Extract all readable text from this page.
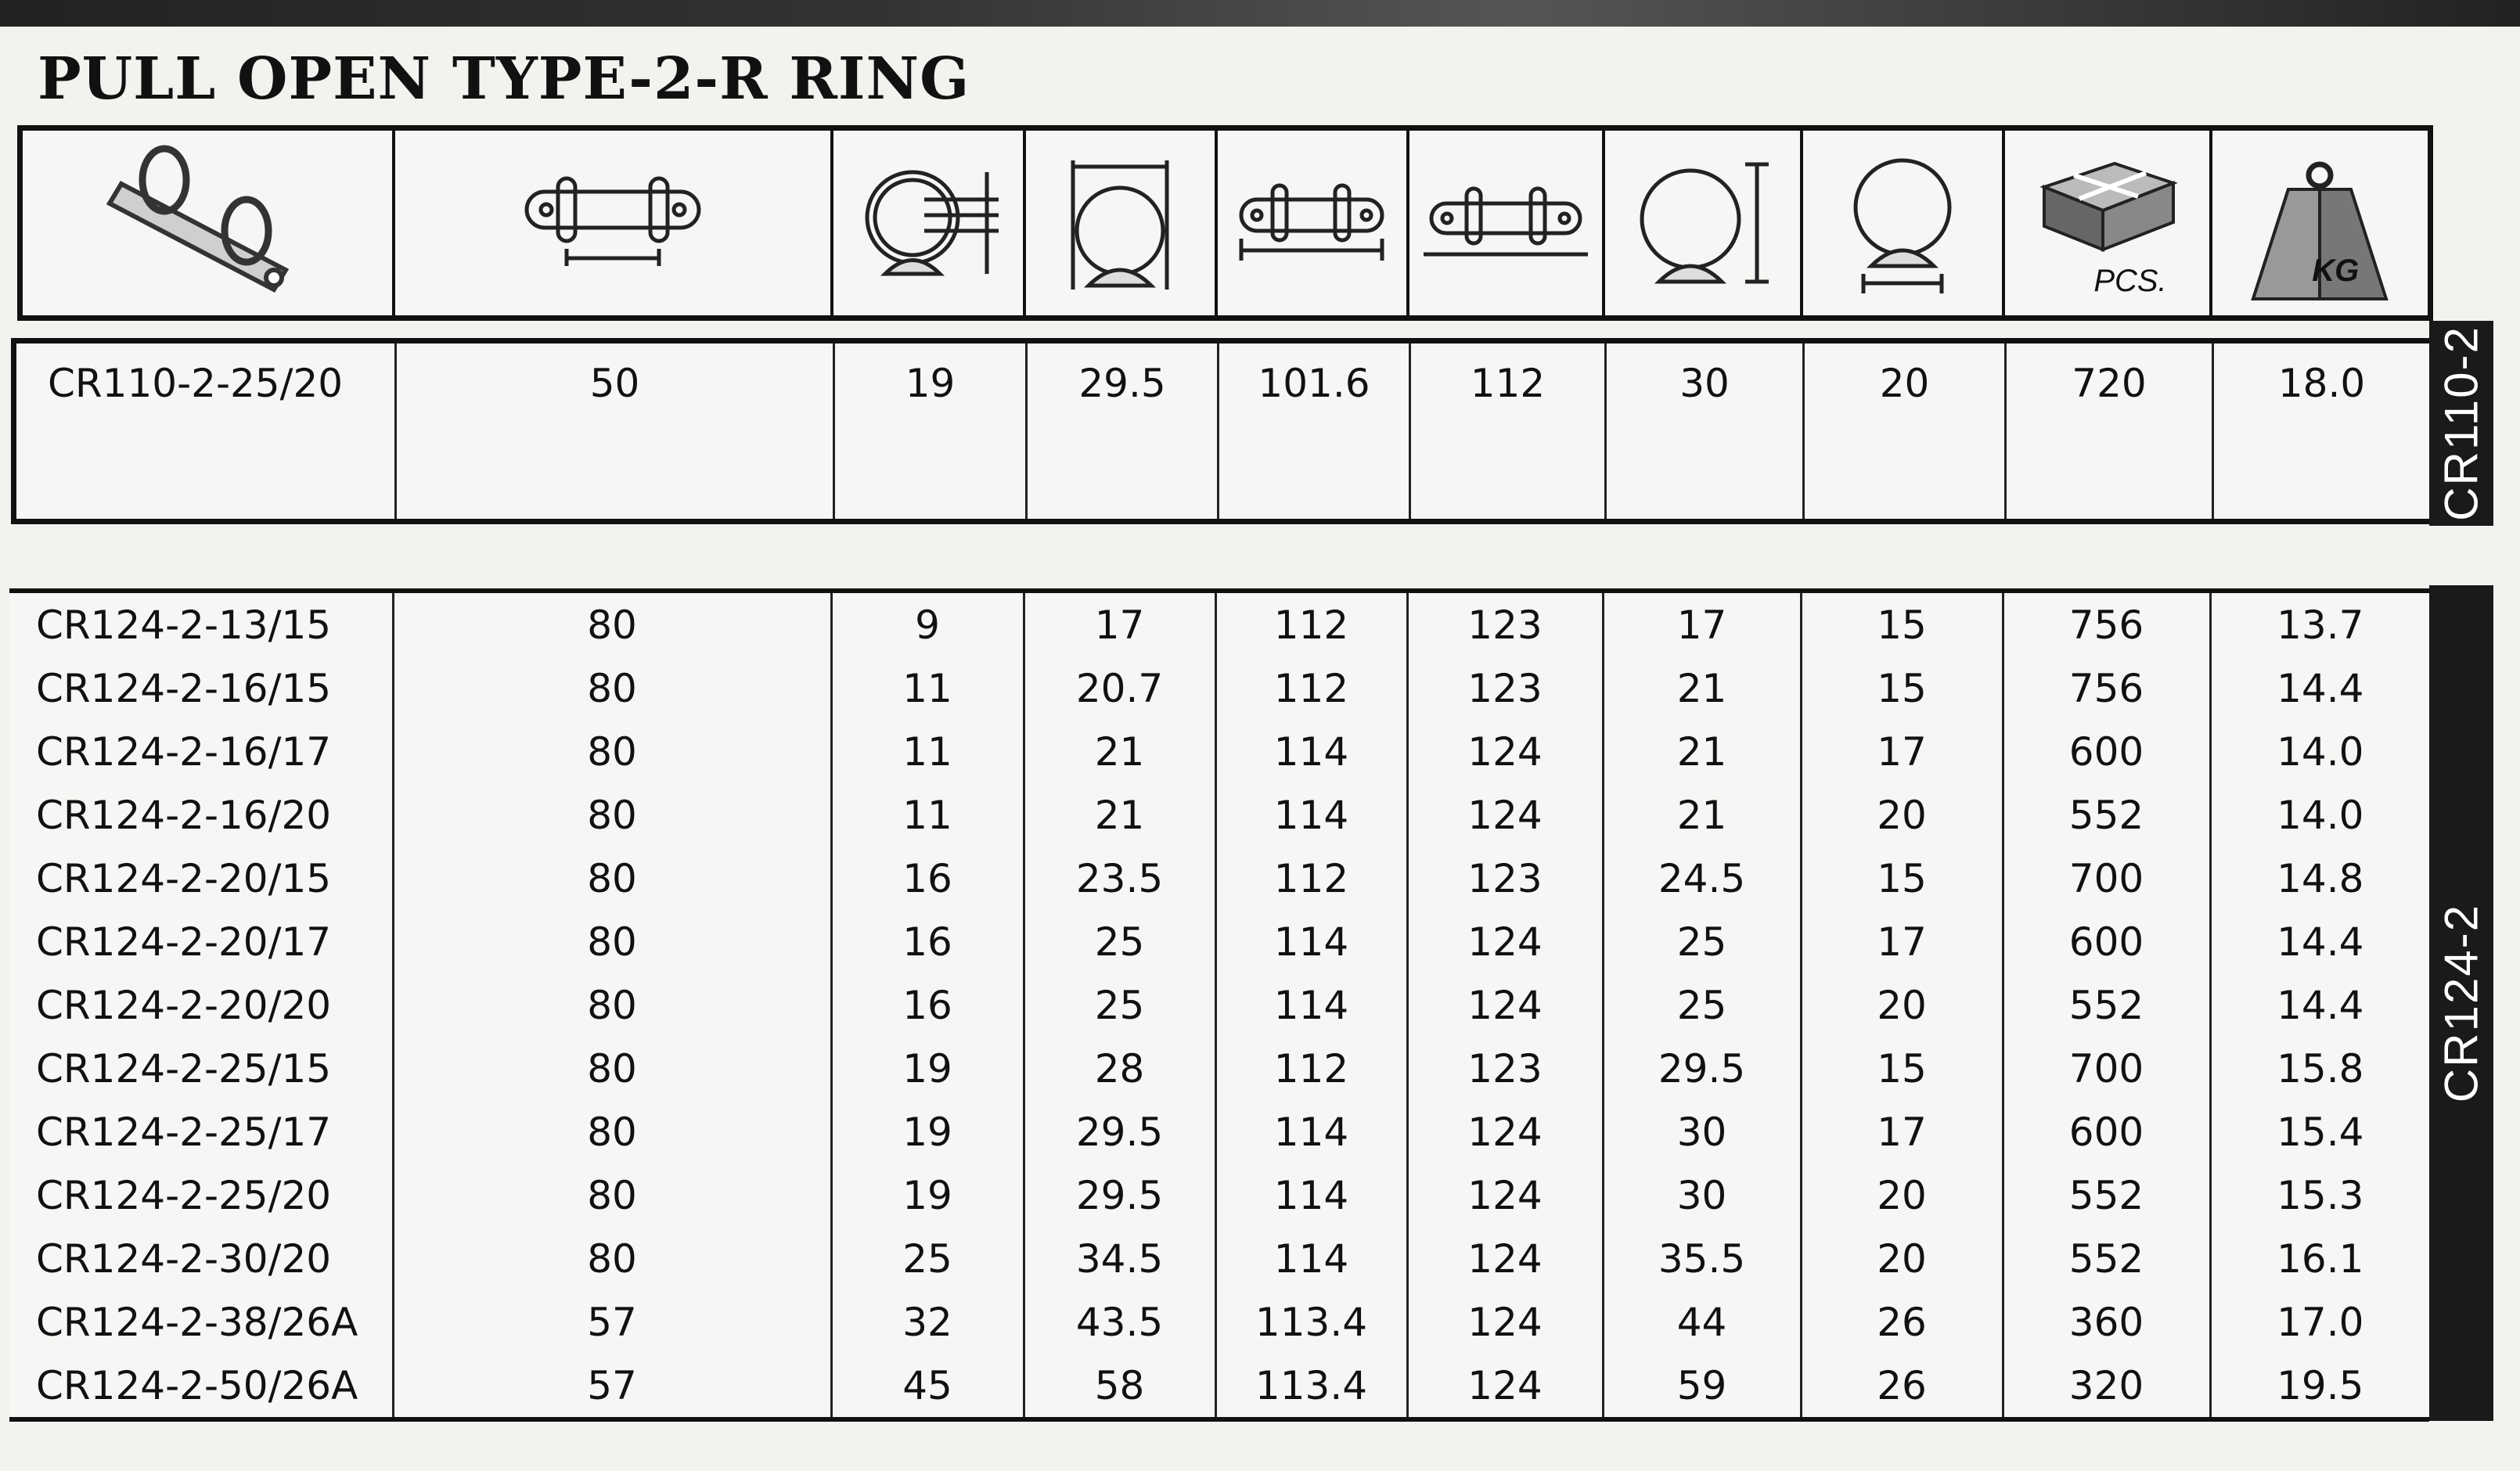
PULL OPEN TYPE-2-R RING

PCS.	KG
CR110-2-25/20	50	19	29.5	101.6	112	30	20	720	18.0 CR110-2
CR124-2-13/15	80	9	17	112	123	17	15	756	13.7
CR124-2-16/15	80	11	20.7	112	123	21	15	756	14.4
CR124-2-16/17	80	11	21	114	124	21	17	600	14.0
CR124-2-16/20	80	11	21	114	124	21	20	552	14.0
CR124-2-20/15	80	16	23.5	112	123	24.5	15	700	14.8
CR124-2-20/17	80	16	25	114	124	25	17	600	14.4
CR124-2-20/20	80	16	25	114	124	25	20	552	14.4
CR124-2-25/15	80	19	28	112	123	29.5	15	700	15.8
CR124-2-25/17	80	19	29.5	114	124	30	17	600	15.4
CR124-2-25/20	80	19	29.5	114	124	30	20	552	15.3
CR124-2-30/20	80	25	34.5	114	124	35.5	20	552	16.1
CR124-2-38/26A	57	32	43.5	113.4	124	44	26	360	17.0
CR124-2-50/26A	57	45	58	113.4	124	59	26	320	19.5
CR124-2
